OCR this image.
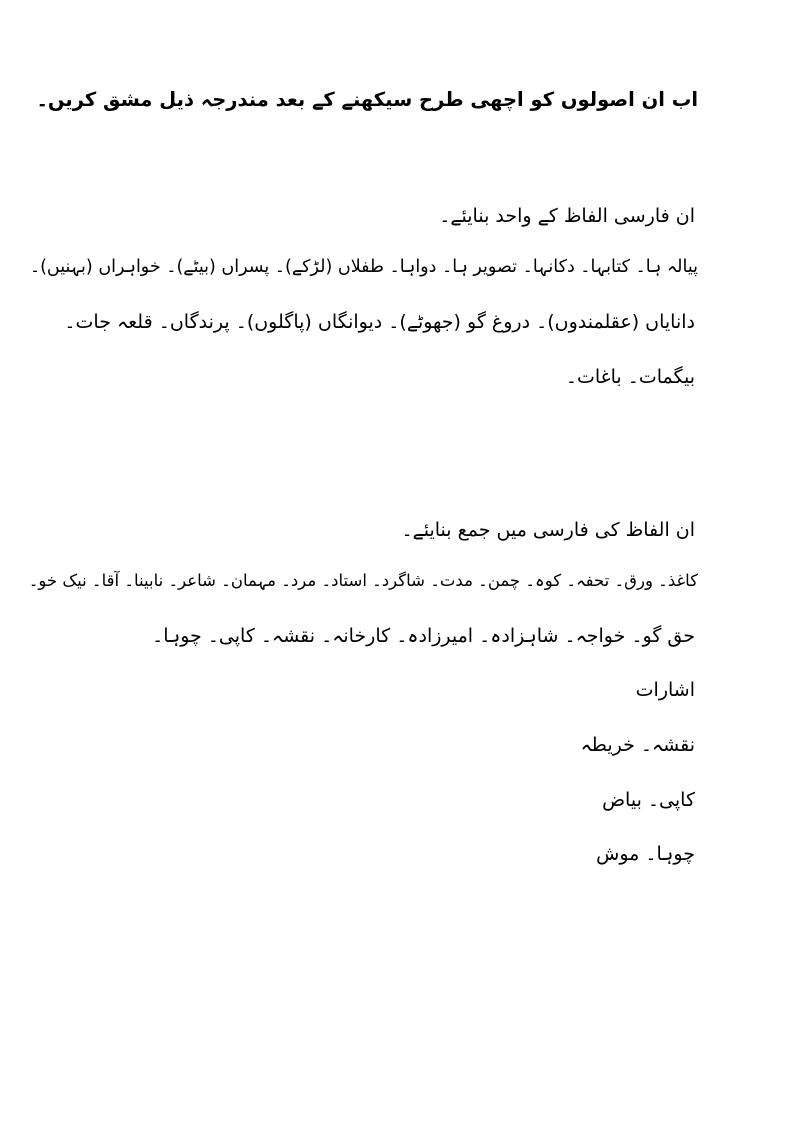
اب ان اصولوں کو اچھی طرح سیکھنے کے بعد مندرجہ ذیل مشق کریں۔
ان فارسی الفاظ کے واحد بنایئے۔
پیالہ ہا۔ کتابہا۔ دکانہا۔ تصویر ہا۔ دواہا۔ طفلاں (لڑکے)۔ پسراں (بیٹے)۔ خواہراں (بہنیں)۔
دانایاں (عقلمندوں)۔ دروغ گو (جھوٹے)۔ دیوانگاں (پاگلوں)۔ پرندگاں۔ قلعہ جات۔
بیگمات۔ باغات۔
ان الفاظ کی فارسی میں جمع بنایئے۔
کاغذ۔ ورق۔ تحفہ۔ کوہ۔ چمن۔ مدت۔ شاگرد۔ استاد۔ مرد۔ مہمان۔ شاعر۔ نابینا۔ آقا۔ نیک خو۔
حق گو۔ خواجہ۔ شاہزادہ۔ امیرزادہ۔ کارخانہ۔ نقشہ۔ کاپی۔ چوہا۔
اشارات
نقشہ۔ خریطہ
کاپی۔ بیاض
چوہا۔ موش
